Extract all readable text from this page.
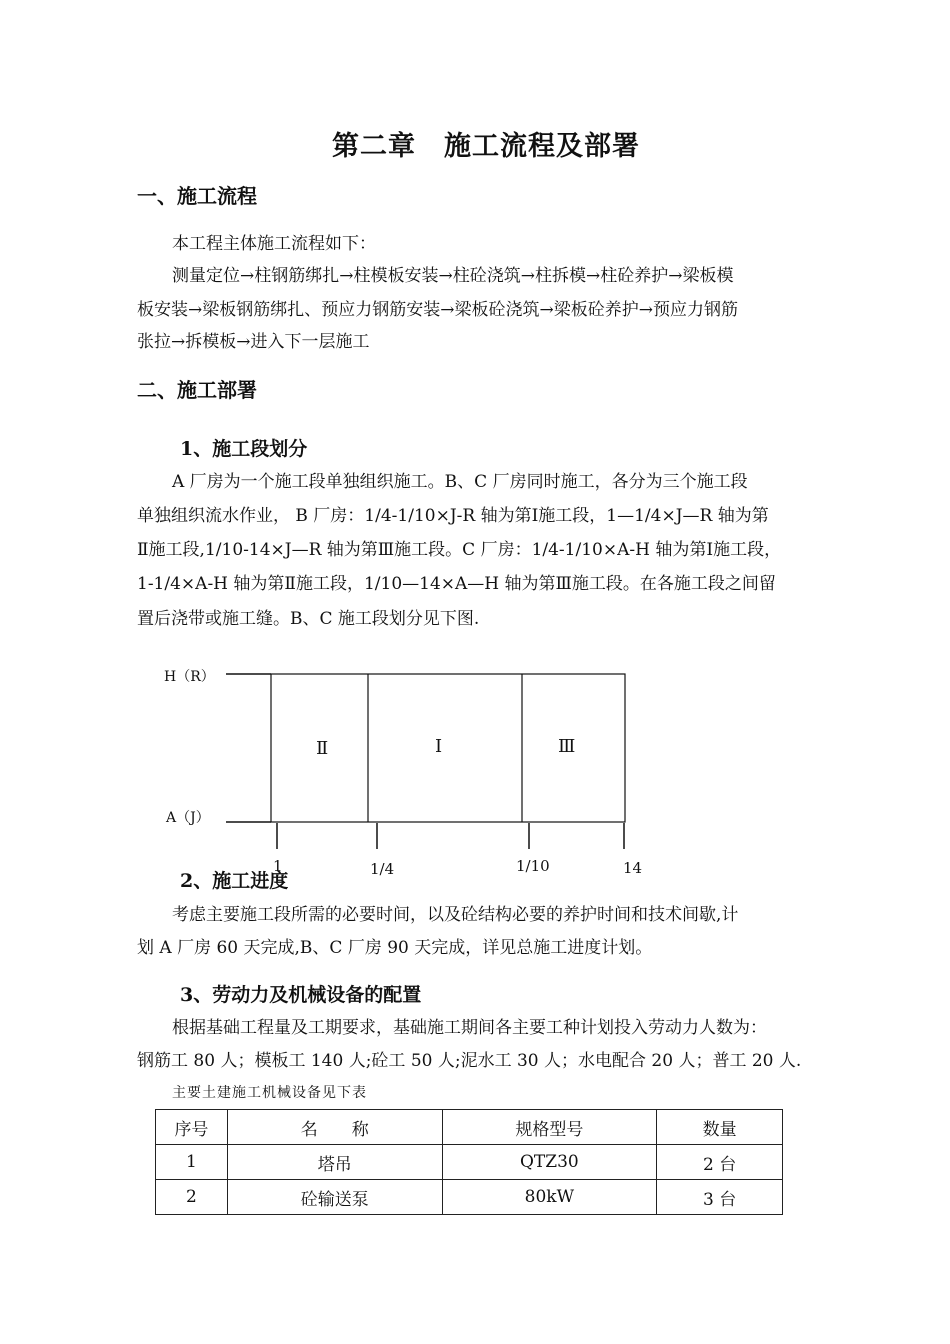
第二章　施工流程及部署
一、施工流程
本工程主体施工流程如下：
测量定位→柱钢筋绑扎→柱模板安装→柱砼浇筑→柱拆模→柱砼养护→梁板模
板安装→梁板钢筋绑扎、预应力钢筋安装→梁板砼浇筑→梁板砼养护→预应力钢筋
张拉→拆模板→进入下一层施工
二、施工部署
1、施工段划分
A 厂房为一个施工段单独组织施工。B、C 厂房同时施工，各分为三个施工段
单独组织流水作业， B 厂房：1/4-1/10×J-R 轴为第Ⅰ施工段，1—1/4×J—R 轴为第
Ⅱ施工段,1/10-14×J—R 轴为第Ⅲ施工段。C 厂房：1/4-1/10×A-H 轴为第Ⅰ施工段，
1-1/4×A-H 轴为第Ⅱ施工段，1/10—14×A—H 轴为第Ⅲ施工段。在各施工段之间留
置后浇带或施工缝。B、C 施工段划分见下图.
H（R）
A（J）
Ⅱ	Ⅰ	Ⅲ
1	1/4	1/10	14
2、施工进度
考虑主要施工段所需的必要时间，以及砼结构必要的养护时间和技术间歇,计
划 A 厂房 60 天完成,B、C 厂房 90 天完成，详见总施工进度计划。
3、劳动力及机械设备的配置
根据基础工程量及工期要求，基础施工期间各主要工种计划投入劳动力人数为：
钢筋工 80 人；模板工 140 人;砼工 50 人;泥水工 30 人；水电配合 20 人；普工 20 人.
主要土建施工机械设备见下表
序号	名　　称	规格型号	数量
1	塔吊	QTZ30	2 台
2	砼输送泵	80kW	3 台
